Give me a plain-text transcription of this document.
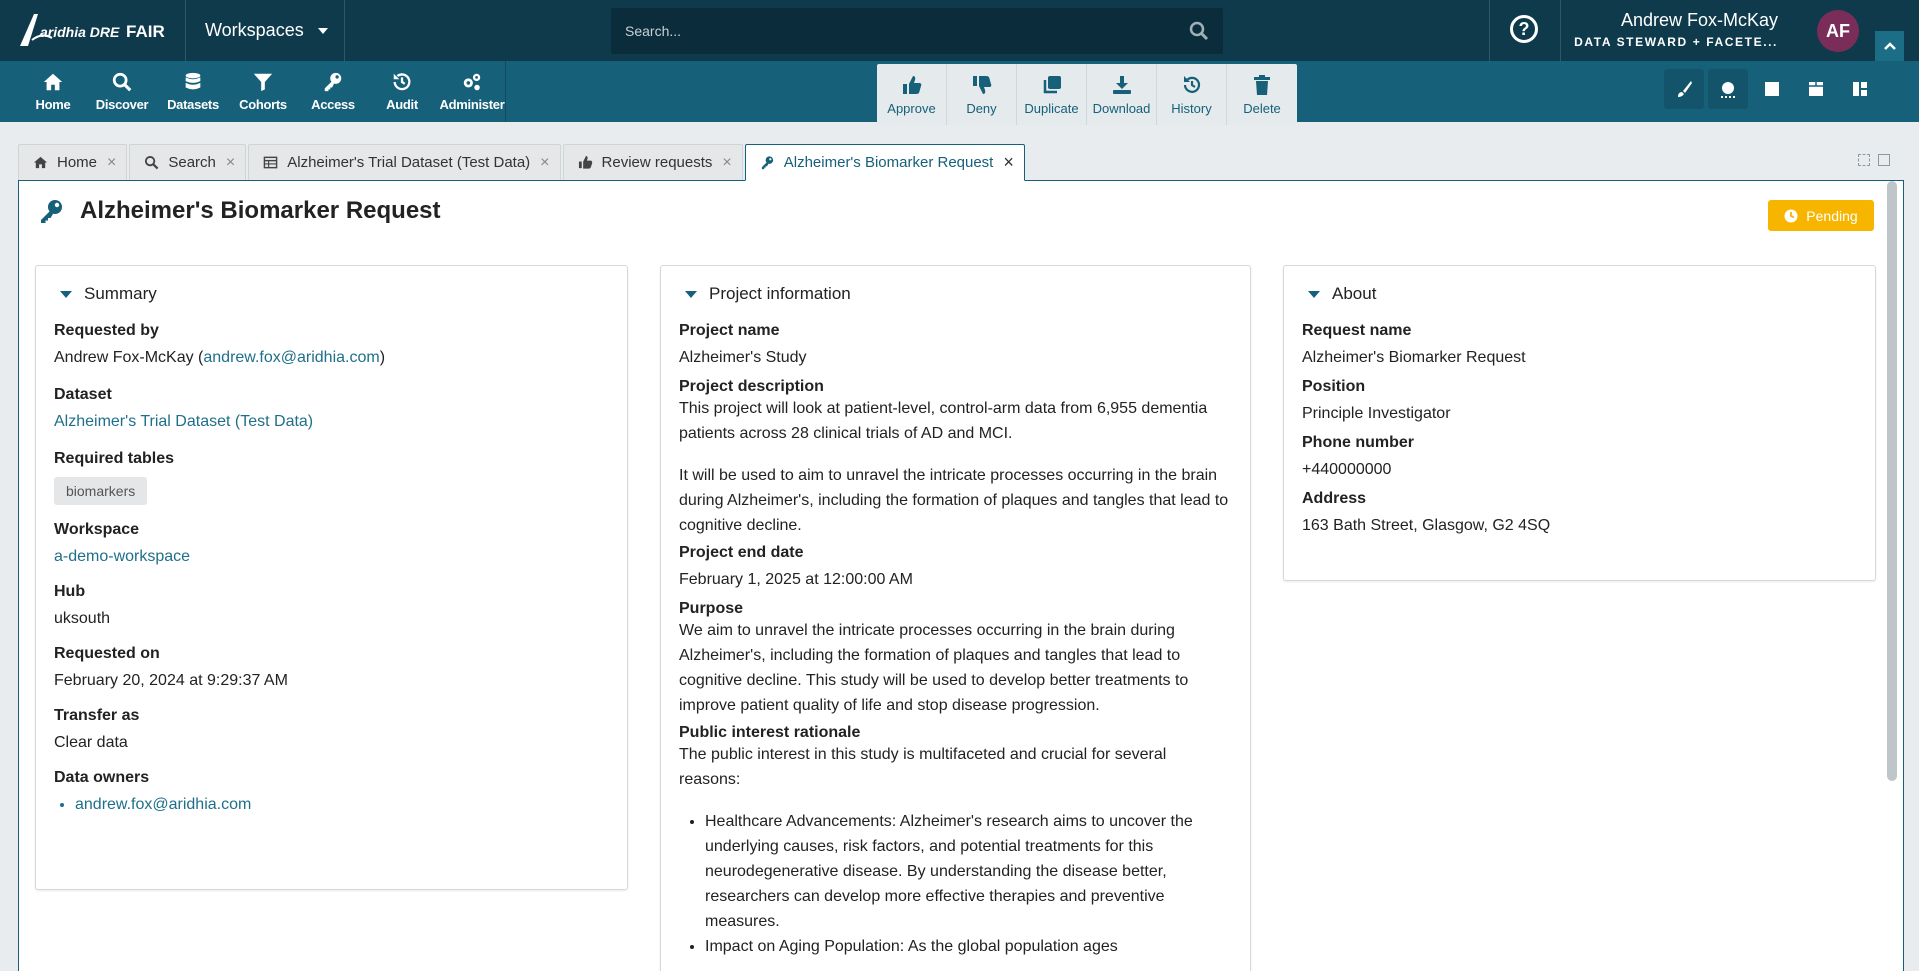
aridhia DRE FAIR Workspaces
Search...	?	Andrew Fox-McKay
DATA STEWARD + FACETE...
AF
Home Discover Datasets Cohorts Access Audit Administer	Approve Deny Duplicate Download History Delete
Home ×	Search ×	Alzheimer's Trial Dataset (Test Data) ×	Review requests ×	Alzheimer's Biomarker Request ×
Alzheimer's Biomarker Request	Pending
Summary
Requested by
Andrew Fox-McKay (andrew.fox@aridhia.com)
Dataset
Alzheimer's Trial Dataset (Test Data)
Required tables
biomarkers
Workspace
a-demo-workspace
Hub
uksouth
Requested on
February 20, 2024 at 9:29:37 AM
Transfer as
Clear data
Data owners
• andrew.fox@aridhia.com
Project information
Project name
Alzheimer's Study
Project description

This project will look at patient-level, control-arm data from 6,955 dementia patients across 28 clinical trials of AD and MCI.

It will be used to aim to unravel the intricate processes occurring in the brain during Alzheimer's, including the formation of plaques and tangles that lead to cognitive decline.

Project end date
February 1, 2025 at 12:00:00 AM
Purpose

We aim to unravel the intricate processes occurring in the brain during Alzheimer's, including the formation of plaques and tangles that lead to cognitive decline. This study will be used to develop better treatments to improve patient quality of life and stop disease progression.

Public interest rationale

The public interest in this study is multifaceted and crucial for several reasons:

• Healthcare Advancements: Alzheimer's research aims to uncover the underlying causes, risk factors, and potential treatments for this neurodegenerative disease. By understanding the disease better, researchers can develop more effective therapies and preventive measures.
• Impact on Aging Population: As the global population ages
About
Request name
Alzheimer's Biomarker Request
Position
Principle Investigator
Phone number
+440000000
Address
163 Bath Street, Glasgow, G2 4SQ
